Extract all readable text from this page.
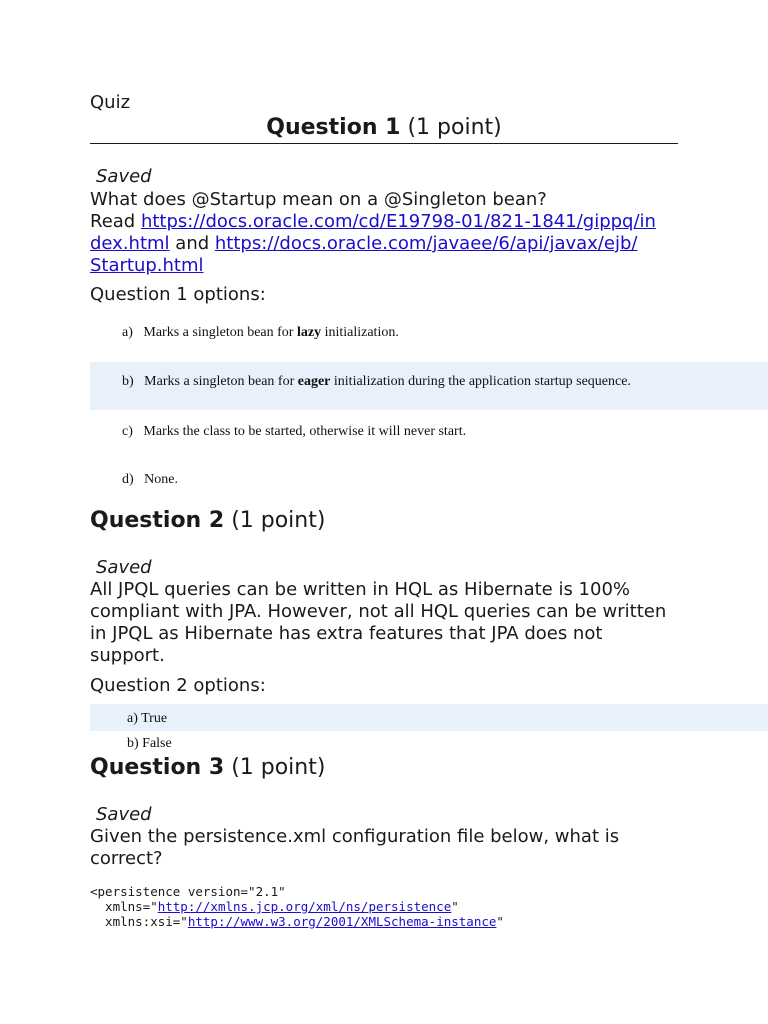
Quiz
Question 1 (1 point)
Saved
What does @Startup mean on a @Singleton bean?
Read https://docs.oracle.com/cd/E19798-01/821-1841/gippq/in
dex.html and https://docs.oracle.com/javaee/6/api/javax/ejb/
Startup.html
Question 1 options:
a) Marks a singleton bean for lazy initialization.
b) Marks a singleton bean for eager initialization during the application startup sequence.
c) Marks the class to be started, otherwise it will never start.
d) None.
Question 2 (1 point)
Saved
All JPQL queries can be written in HQL as Hibernate is 100% compliant with JPA. However, not all HQL queries can be written in JPQL as Hibernate has extra features that JPA does not support.
Question 2 options:
a) True
b) False
Question 3 (1 point)
Saved
Given the persistence.xml configuration file below, what is correct?
<persistence version="2.1"
xmlns="http://xmlns.jcp.org/xml/ns/persistence"
xmlns:xsi="http://www.w3.org/2001/XMLSchema-instance"
